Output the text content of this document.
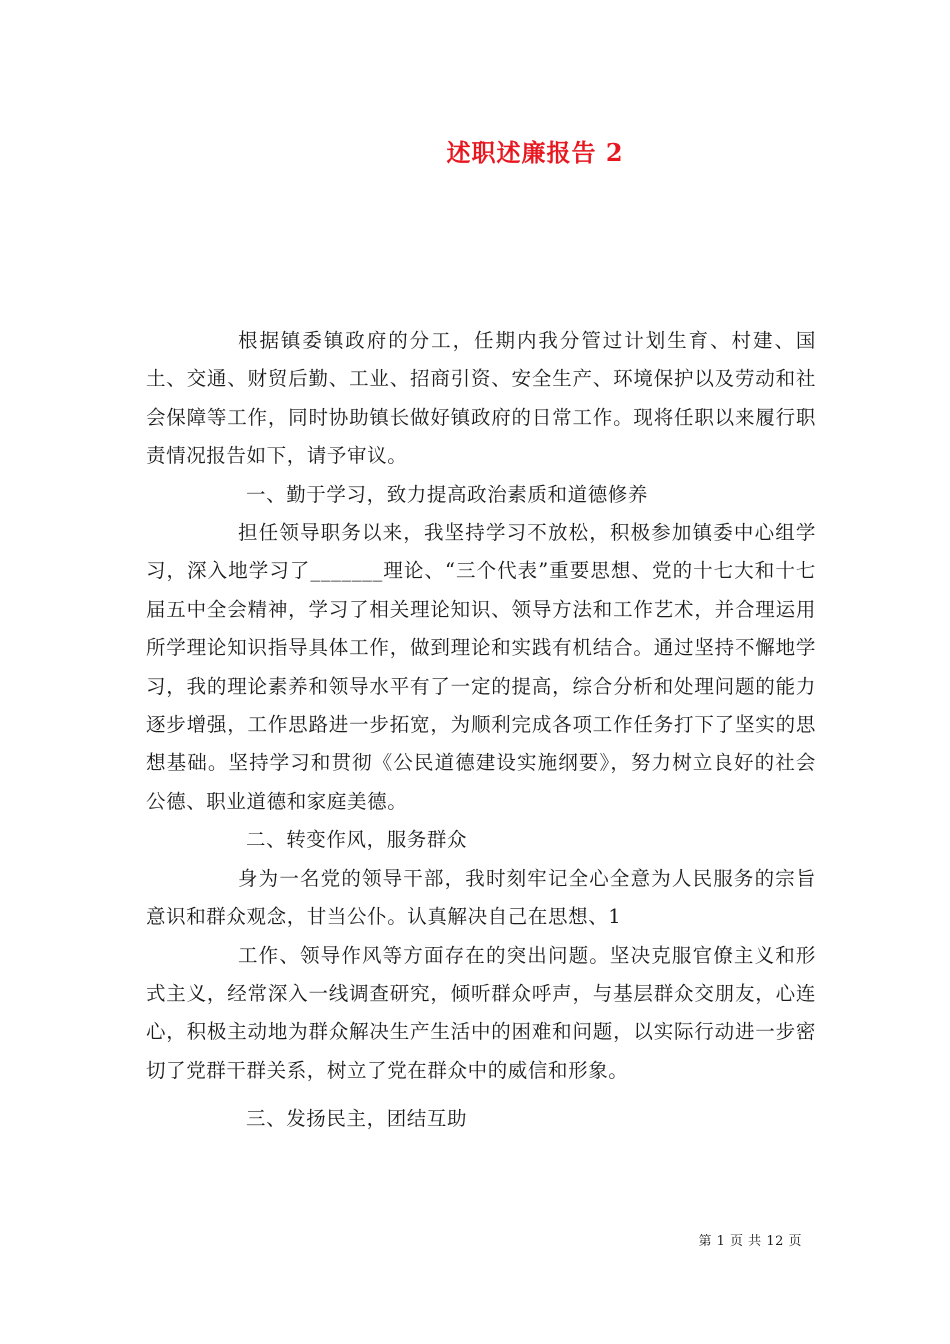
述职述廉报告 2

根据镇委镇政府的分工，任期内我分管过计划生育、村建、国土、交通、财贸后勤、工业、招商引资、安全生产、环境保护以及劳动和社会保障等工作，同时协助镇长做好镇政府的日常工作。现将任职以来履行职责情况报告如下，请予审议。

一、勤于学习，致力提高政治素质和道德修养

担任领导职务以来，我坚持学习不放松，积极参加镇委中心组学习，深入地学习了_______理论、“三个代表”重要思想、党的十七大和十七届五中全会精神，学习了相关理论知识、领导方法和工作艺术，并合理运用所学理论知识指导具体工作，做到理论和实践有机结合。通过坚持不懈地学习，我的理论素养和领导水平有了一定的提高，综合分析和处理问题的能力逐步增强，工作思路进一步拓宽，为顺利完成各项工作任务打下了坚实的思想基础。坚持学习和贯彻《公民道德建设实施纲要》，努力树立良好的社会公德、职业道德和家庭美德。

二、转变作风，服务群众

身为一名党的领导干部，我时刻牢记全心全意为人民服务的宗旨意识和群众观念，甘当公仆。认真解决自己在思想、1

工作、领导作风等方面存在的突出问题。坚决克服官僚主义和形式主义，经常深入一线调查研究，倾听群众呼声，与基层群众交朋友，心连心，积极主动地为群众解决生产生活中的困难和问题，以实际行动进一步密切了党群干群关系，树立了党在群众中的威信和形象。

三、发扬民主，团结互助

第 1 页 共 12 页
